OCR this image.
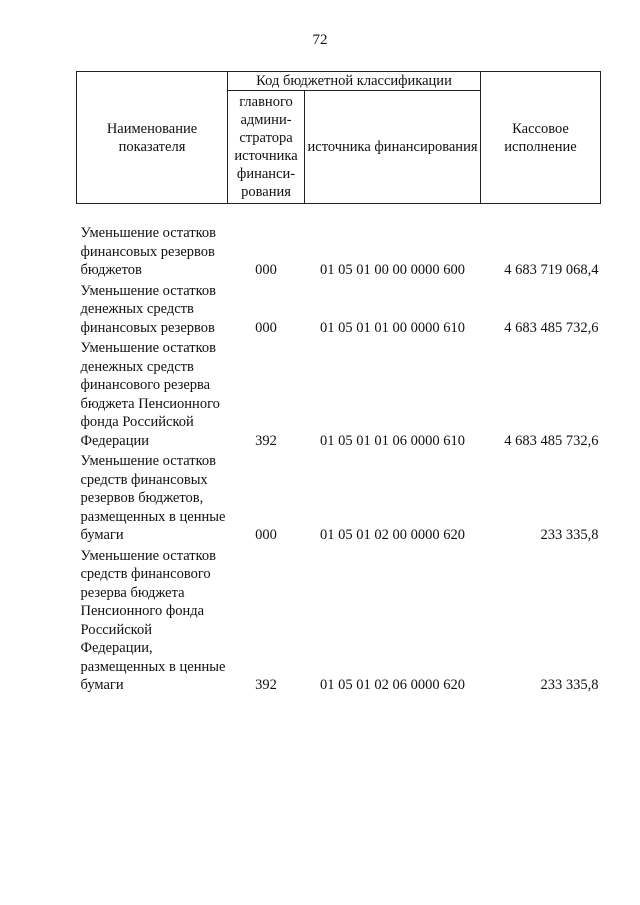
72
Наименование показателя	Код бюджетной классификации		Кассовое исполнение
	главного админи-стратора источника финанси-рования	источника финансирования	
Уменьшение остатков финансовых резервов бюджетов	000	01 05 01 00 00 0000 600	4 683 719 068,4
Уменьшение остатков денежных средств финансовых резервов	000	01 05 01 01 00 0000 610	4 683 485 732,6
Уменьшение остатков денежных средств финансового резерва бюджета Пенсионного фонда Российской Федерации	392	01 05 01 01 06 0000 610	4 683 485 732,6
Уменьшение остатков средств финансовых резервов бюджетов, размещенных в ценные бумаги	000	01 05 01 02 00 0000 620	233 335,8
Уменьшение остатков средств финансового резерва бюджета Пенсионного фонда Российской Федерации, размещенных в ценные бумаги	392	01 05 01 02 06 0000 620	233 335,8
